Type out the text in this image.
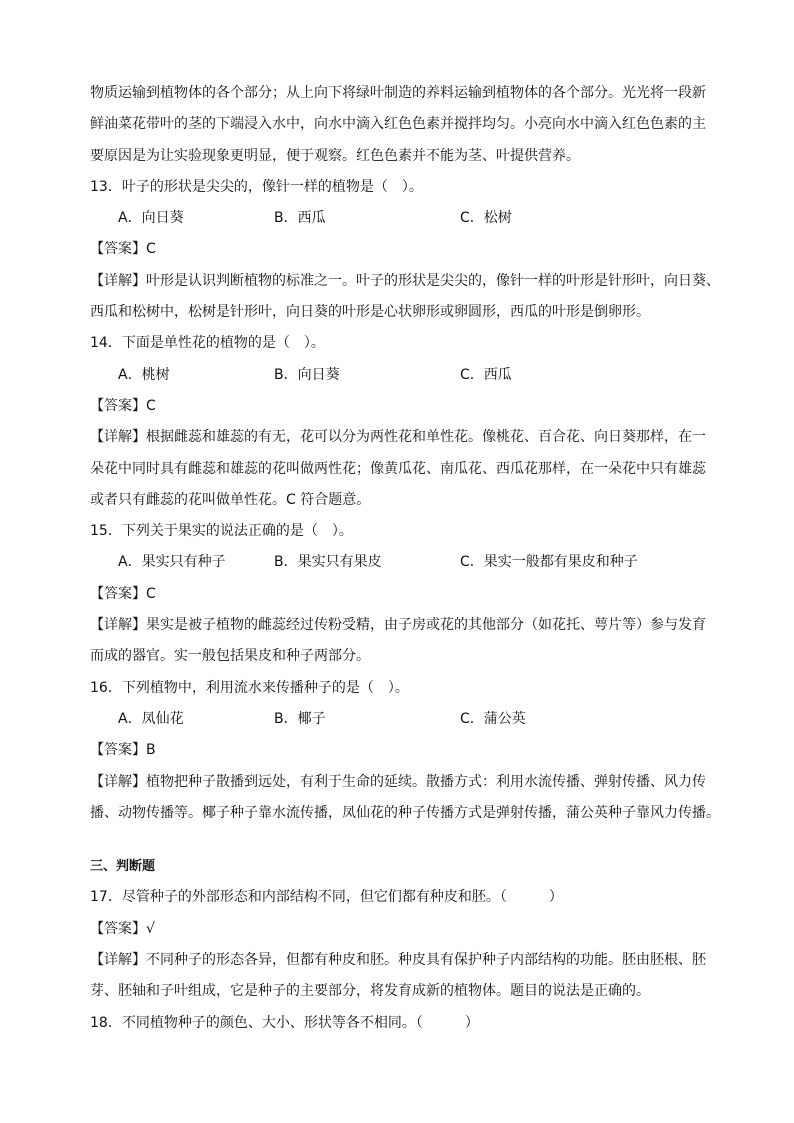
物质运输到植物体的各个部分；从上向下将绿叶制造的养料运输到植物体的各个部分。光光将一段新
鲜油菜花带叶的茎的下端浸入水中，向水中滴入红色色素并搅拌均匀。小亮向水中滴入红色色素的主
要原因是为让实验现象更明显，便于观察。红色色素并不能为茎、叶提供营养。
13．叶子的形状是尖尖的，像针一样的植物是（　）。
A．向日葵	B．西瓜	C．松树
【答案】C
【详解】叶形是认识判断植物的标准之一。叶子的形状是尖尖的，像针一样的叶形是针形叶，向日葵、
西瓜和松树中，松树是针形叶，向日葵的叶形是心状卵形或卵圆形，西瓜的叶形是倒卵形。
14．下面是单性花的植物的是（　）。
A．桃树	B．向日葵	C．西瓜
【答案】C
【详解】根据雌蕊和雄蕊的有无，花可以分为两性花和单性花。像桃花、百合花、向日葵那样，在一
朵花中同时具有雌蕊和雄蕊的花叫做两性花；像黄瓜花、南瓜花、西瓜花那样，在一朵花中只有雄蕊
或者只有雌蕊的花叫做单性花。C 符合题意。
15．下列关于果实的说法正确的是（　）。
A．果实只有种子	B．果实只有果皮	C．果实一般都有果皮和种子
【答案】C
【详解】果实是被子植物的雌蕊经过传粉受精，由子房或花的其他部分（如花托、萼片等）参与发育
而成的器官。实一般包括果皮和种子两部分。
16．下列植物中，利用流水来传播种子的是（　）。
A．凤仙花	B．椰子	C．蒲公英
【答案】B
【详解】植物把种子散播到远处，有利于生命的延续。散播方式：利用水流传播、弹射传播、风力传
播、动物传播等。椰子种子靠水流传播，凤仙花的种子传播方式是弹射传播，蒲公英种子靠风力传播。
三、判断题
17．尽管种子的外部形态和内部结构不同，但它们都有种皮和胚。（　　　）
【答案】√
【详解】不同种子的形态各异，但都有种皮和胚。种皮具有保护种子内部结构的功能。胚由胚根、胚
芽、胚轴和子叶组成，它是种子的主要部分，将发育成新的植物体。题目的说法是正确的。
18．不同植物种子的颜色、大小、形状等各不相同。（　　　）
